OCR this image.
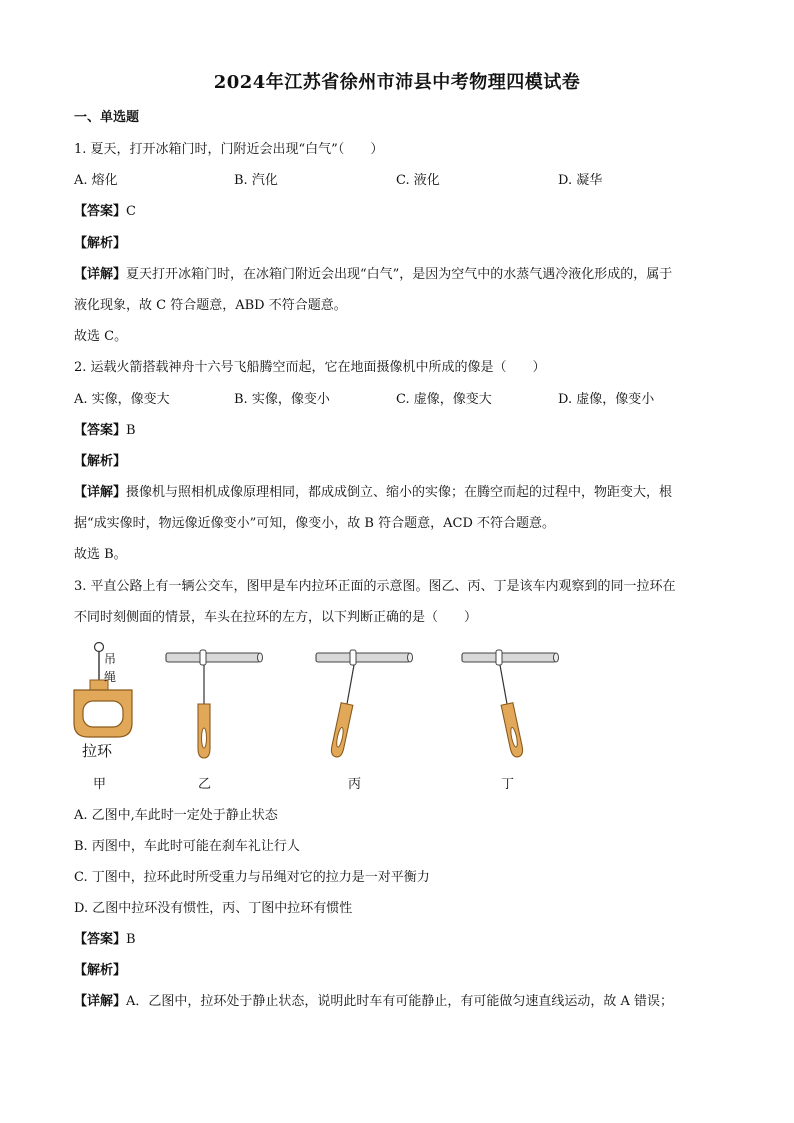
2024年江苏省徐州市沛县中考物理四模试卷
一、单选题
1. 夏天，打开冰箱门时，门附近会出现“白气”（　　）
A. 熔化	B. 汽化	C. 液化	D. 凝华
【答案】C
【解析】
【详解】夏天打开冰箱门时，在冰箱门附近会出现“白气”，是因为空气中的水蒸气遇冷液化形成的，属于
液化现象，故 C 符合题意，ABD 不符合题意。
故选 C。
2. 运载火箭搭载神舟十六号飞船腾空而起，它在地面摄像机中所成的像是（　　）
A. 实像，像变大	B. 实像，像变小	C. 虚像，像变大	D. 虚像，像变小
【答案】B
【解析】
【详解】摄像机与照相机成像原理相同，都成成倒立、缩小的实像；在腾空而起的过程中，物距变大，根
据“成实像时，物远像近像变小”可知，像变小，故 B 符合题意，ACD 不符合题意。
故选 B。
3. 平直公路上有一辆公交车，图甲是车内拉环正面的示意图。图乙、丙、丁是该车内观察到的同一拉环在
不同时刻侧面的情景，车头在拉环的左方，以下判断正确的是（　　）
吊
绳
拉环
甲	乙	丙	丁
A. 乙图中,车此时一定处于静止状态
B. 丙图中，车此时可能在刹车礼让行人
C. 丁图中，拉环此时所受重力与吊绳对它的拉力是一对平衡力
D. 乙图中拉环没有惯性，丙、丁图中拉环有惯性
【答案】B
【解析】
【详解】A．乙图中，拉环处于静止状态，说明此时车有可能静止，有可能做匀速直线运动，故 A 错误；
